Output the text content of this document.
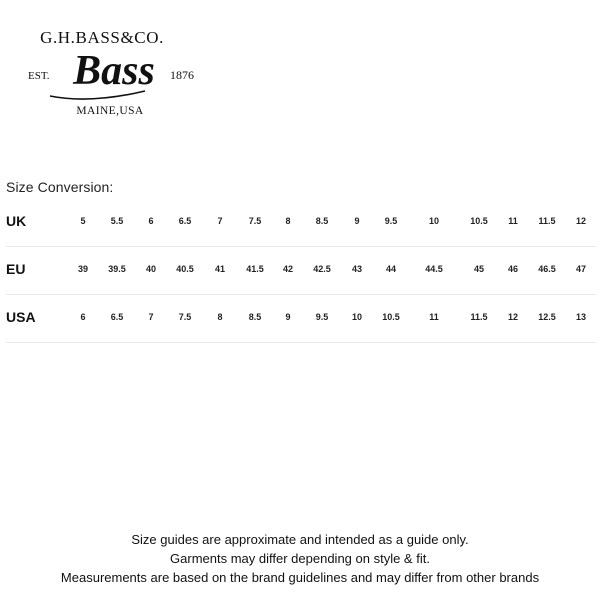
G.H.BASS&CO.
EST. Bass 1876
MAINE,USA
Size Conversion:
UK	5	5.5	6	6.5	7	7.5	8	8.5	9	9.5	10	10.5	11	11.5	12
EU	39	39.5	40	40.5	41	41.5	42	42.5	43	44	44.5	45	46	46.5	47
USA	6	6.5	7	7.5	8	8.5	9	9.5	10	10.5	11	11.5	12	12.5	13
Size guides are approximate and intended as a guide only.
Garments may differ depending on style & fit.
Measurements are based on the brand guidelines and may differ from other brands
